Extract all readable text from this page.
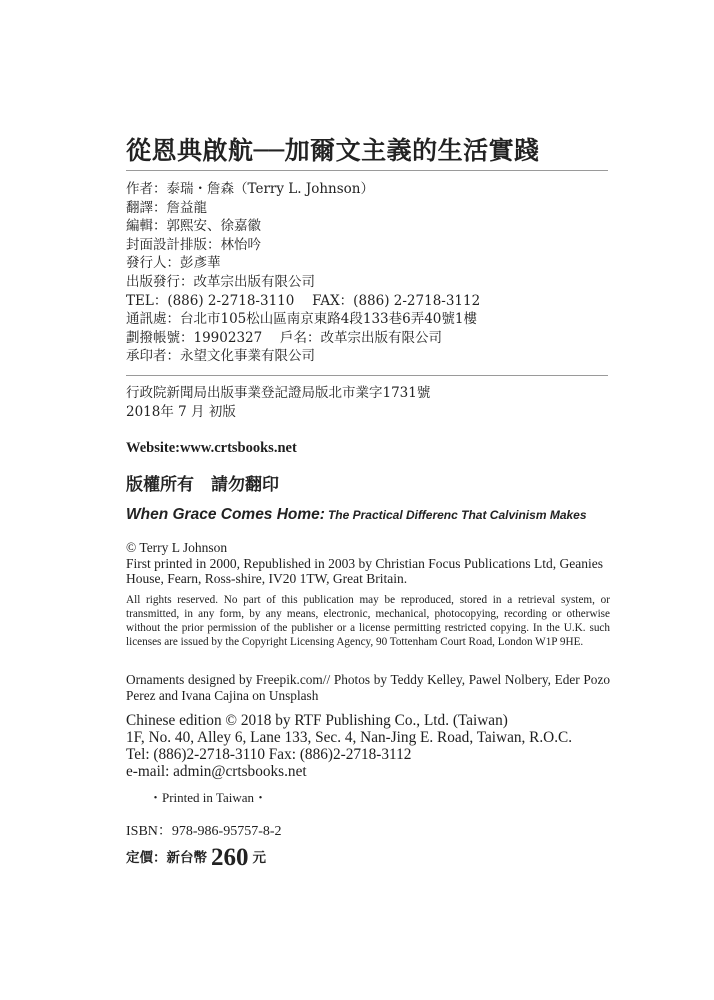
從恩典啟航──加爾文主義的生活實踐
作者：泰瑞・詹森（Terry L. Johnson）
翻譯：詹益龍
編輯：郭熙安、徐嘉徽
封面設計排版：林怡吟
發行人：彭彥華
出版發行：改革宗出版有限公司
TEL：(886) 2-2718-3110　 FAX：(886) 2-2718-3112
通訊處：台北市105松山區南京東路4段133巷6弄40號1樓
劃撥帳號：19902327　 戶名：改革宗出版有限公司
承印者：永望文化事業有限公司
行政院新聞局出版事業登記證局版北市業字1731號
2018年 7 月 初版
Website:www.crtsbooks.net
版權所有　請勿翻印
When Grace Comes Home: The Practical Differenc That Calvinism Makes
© Terry L Johnson
First printed in 2000, Republished in 2003 by Christian Focus Publications Ltd, Geanies
House, Fearn, Ross-shire, IV20 1TW, Great Britain.
All rights reserved. No part of this publication may be reproduced, stored in a retrieval system, or transmitted, in any form, by any means, electronic, mechanical, photocopying, recording or otherwise without the prior permission of the publisher or a license permitting restricted copying. In the U.K. such licenses are issued by the Copyright Licensing Agency, 90 Tottenham Court Road, London W1P 9HE.
Ornaments designed by Freepik.com// Photos by Teddy Kelley, Pawel Nolbery, Eder Pozo Perez and Ivana Cajina on Unsplash
Chinese edition © 2018 by RTF Publishing Co., Ltd. (Taiwan)
1F, No. 40, Alley 6, Lane 133, Sec. 4, Nan-Jing E. Road, Taiwan, R.O.C.
Tel: (886)2-2718-3110 Fax: (886)2-2718-3112
e-mail: admin@crtsbooks.net
・Printed in Taiwan・
ISBN：978-986-95757-8-2
定價：新台幣 260 元
